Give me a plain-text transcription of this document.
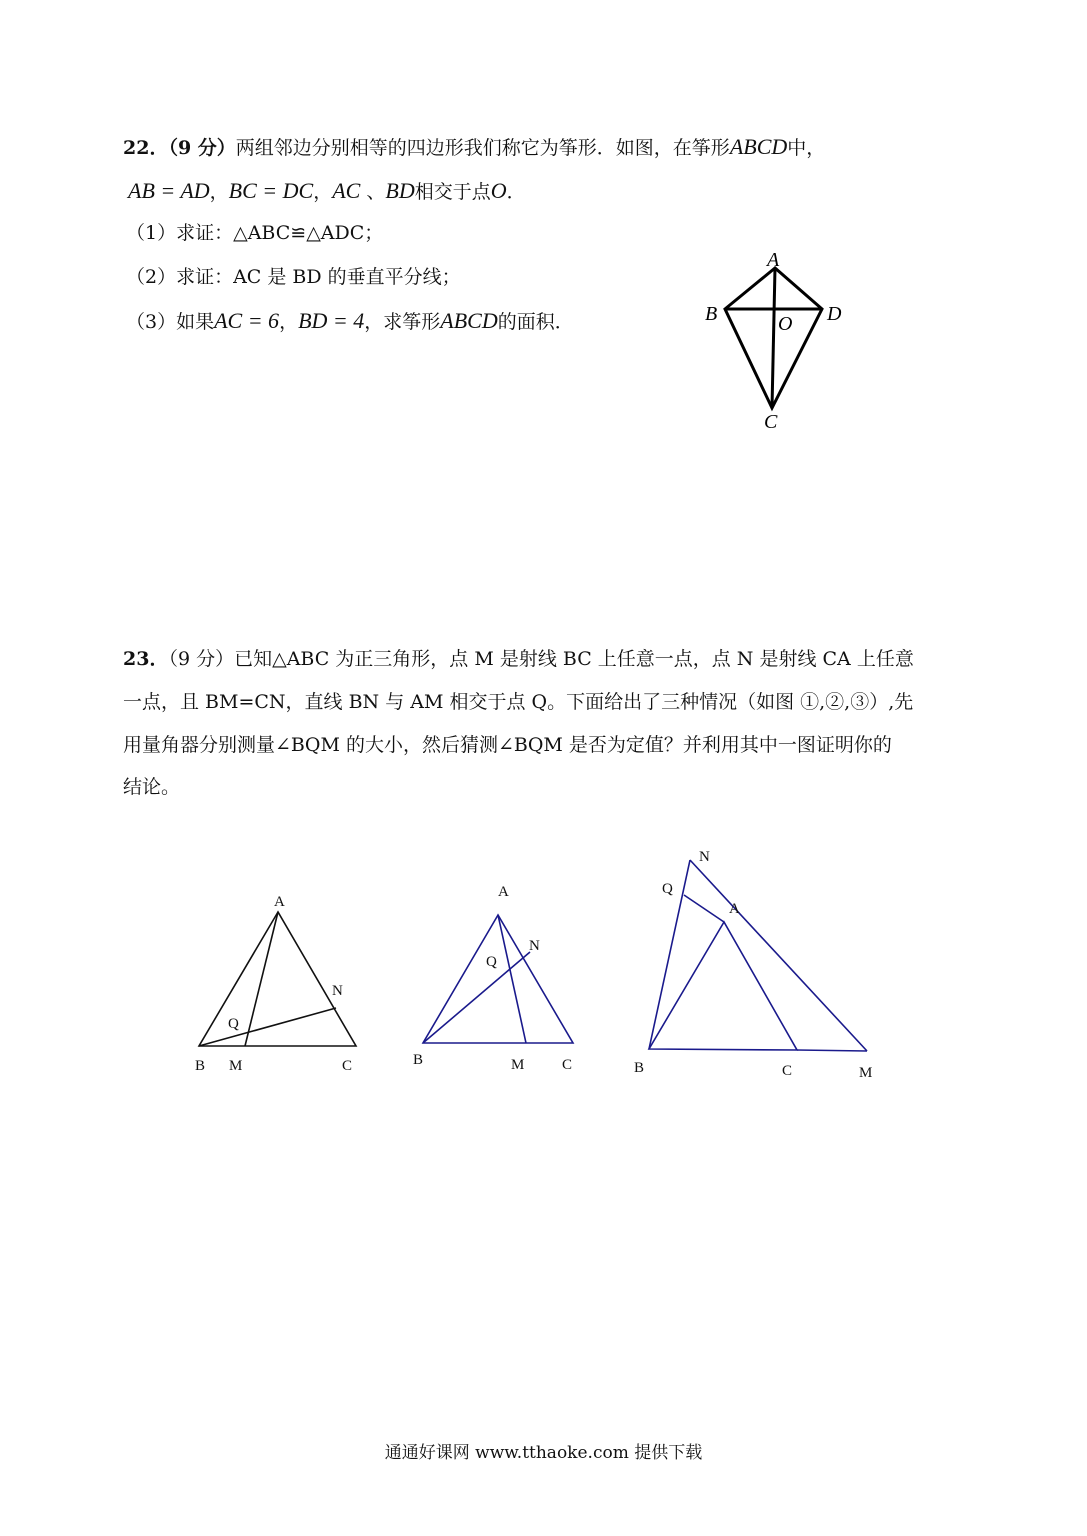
22．（9 分）两组邻边分别相等的四边形我们称它为筝形．如图，在筝形ABCD中，
AB = AD，BC = DC，AC 、BD相交于点O．
（1）求证：△ABC≌△ADC；
（2）求证：AC 是 BD 的垂直平分线；
（3）如果AC = 6，BD = 4，求筝形ABCD的面积．
A
B	D
O
C
A
N
Q
B M	C
A
N
Q
B	M	C
N
Q
A
B	C	M
23．（9 分）已知△ABC 为正三角形，点 M 是射线 BC 上任意一点，点 N 是射线 CA 上任意
一点，且 BM=CN，直线 BN 与 AM 相交于点 Q。下面给出了三种情况（如图 ①,②,③）,先
用量角器分别测量∠BQM 的大小，然后猜测∠BQM 是否为定值？并利用其中一图证明你的
结论。
通通好课网 www.tthaoke.com 提供下载
